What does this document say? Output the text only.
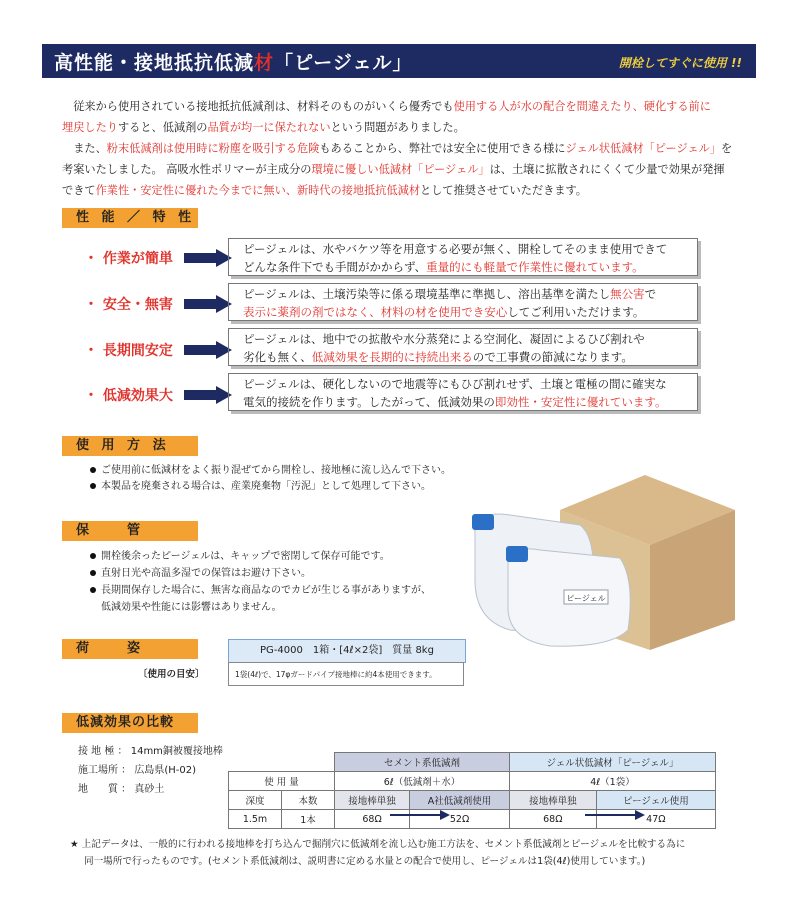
高性能・接地抵抗低減材「ピージェル」	開栓してすぐに使用 !!

　従来から使用されている接地抵抗低減剤は、材料そのものがいくら優秀でも使用する人が水の配合を間違えたり、硬化する前に

埋戻したりすると、低減剤の品質が均一に保たれないという問題がありました。

　また、粉末低減剤は使用時に粉塵を吸引する危険もあることから、弊社では安全に使用できる様にジェル状低減材「ピージェル」を

考案いたしました。 高吸水性ポリマーが主成分の環境に優しい低減材「ピージェル」は、土壌に拡散されにくくて少量で効果が発揮

できて作業性・安定性に優れた今までに無い、新時代の接地抵抗低減材として推奨させていただきます。

性 能 ／ 特 性
・ 作業が簡単

ピージェルは、水やバケツ等を用意する必要が無く、開栓してそのまま使用できて

どんな条件下でも手間がかからず、重量的にも軽量で作業性に優れています。

・ 安全・無害

ピージェルは、土壌汚染等に係る環境基準に準拠し、溶出基準を満たし無公害で

表示に薬剤の剤ではなく、材料の材を使用でき安心してご利用いただけます。

・ 長期間安定

ピージェルは、地中での拡散や水分蒸発による空洞化、凝固によるひび割れや

劣化も無く、低減効果を長期的に持続出来るので工事費の節減になります。

・ 低減効果大

ピージェルは、硬化しないので地震等にもひび割れせず、土壌と電極の間に確実な

電気的接続を作ります。したがって、低減効果の即効性・安定性に優れています。

使 用 方 法

ご使用前に低減材をよく振り混ぜてから開栓し、接地極に流し込んで下さい。

本製品を廃棄される場合は、産業廃棄物「汚泥」として処理して下さい。

保　　管

開栓後余ったピージェルは、キャップで密閉して保存可能です。

直射日光や高温多湿での保管はお避け下さい。

長期間保存した場合に、無害な商品なのでカビが生じる事がありますが、

低減効果や性能には影響はありません。

ピージェル
荷　　姿	PG-4000　1箱・[4ℓ×2袋]　質量 8kg
〔使用の目安〕	1袋(4ℓ)で、17φガードパイプ接地棒に約4本使用できます。
低減効果の比較
接 地 極 ： 14mm銅被覆接地棒
施工場所 ： 広島県(H-02)
地　　質 ： 真砂土
		セメント系低減剤		ジェル状低減材「ピージェル」	
使 用 量		6ℓ（低減剤＋水）		4ℓ（1袋）	
深度	本数	接地棒単独	A社低減剤使用	接地棒単独	ピージェル使用
1.5m	1本	68Ω	52Ω	68Ω	47Ω
★ 上記データは、一般的に行われる接地棒を打ち込んで掘削穴に低減剤を流し込む施工方法を、セメント系低減剤とピージェルを比較する為に
同一場所で行ったものです。(セメント系低減剤は、説明書に定める水量との配合で使用し、ピージェルは1袋(4ℓ)使用しています。)
